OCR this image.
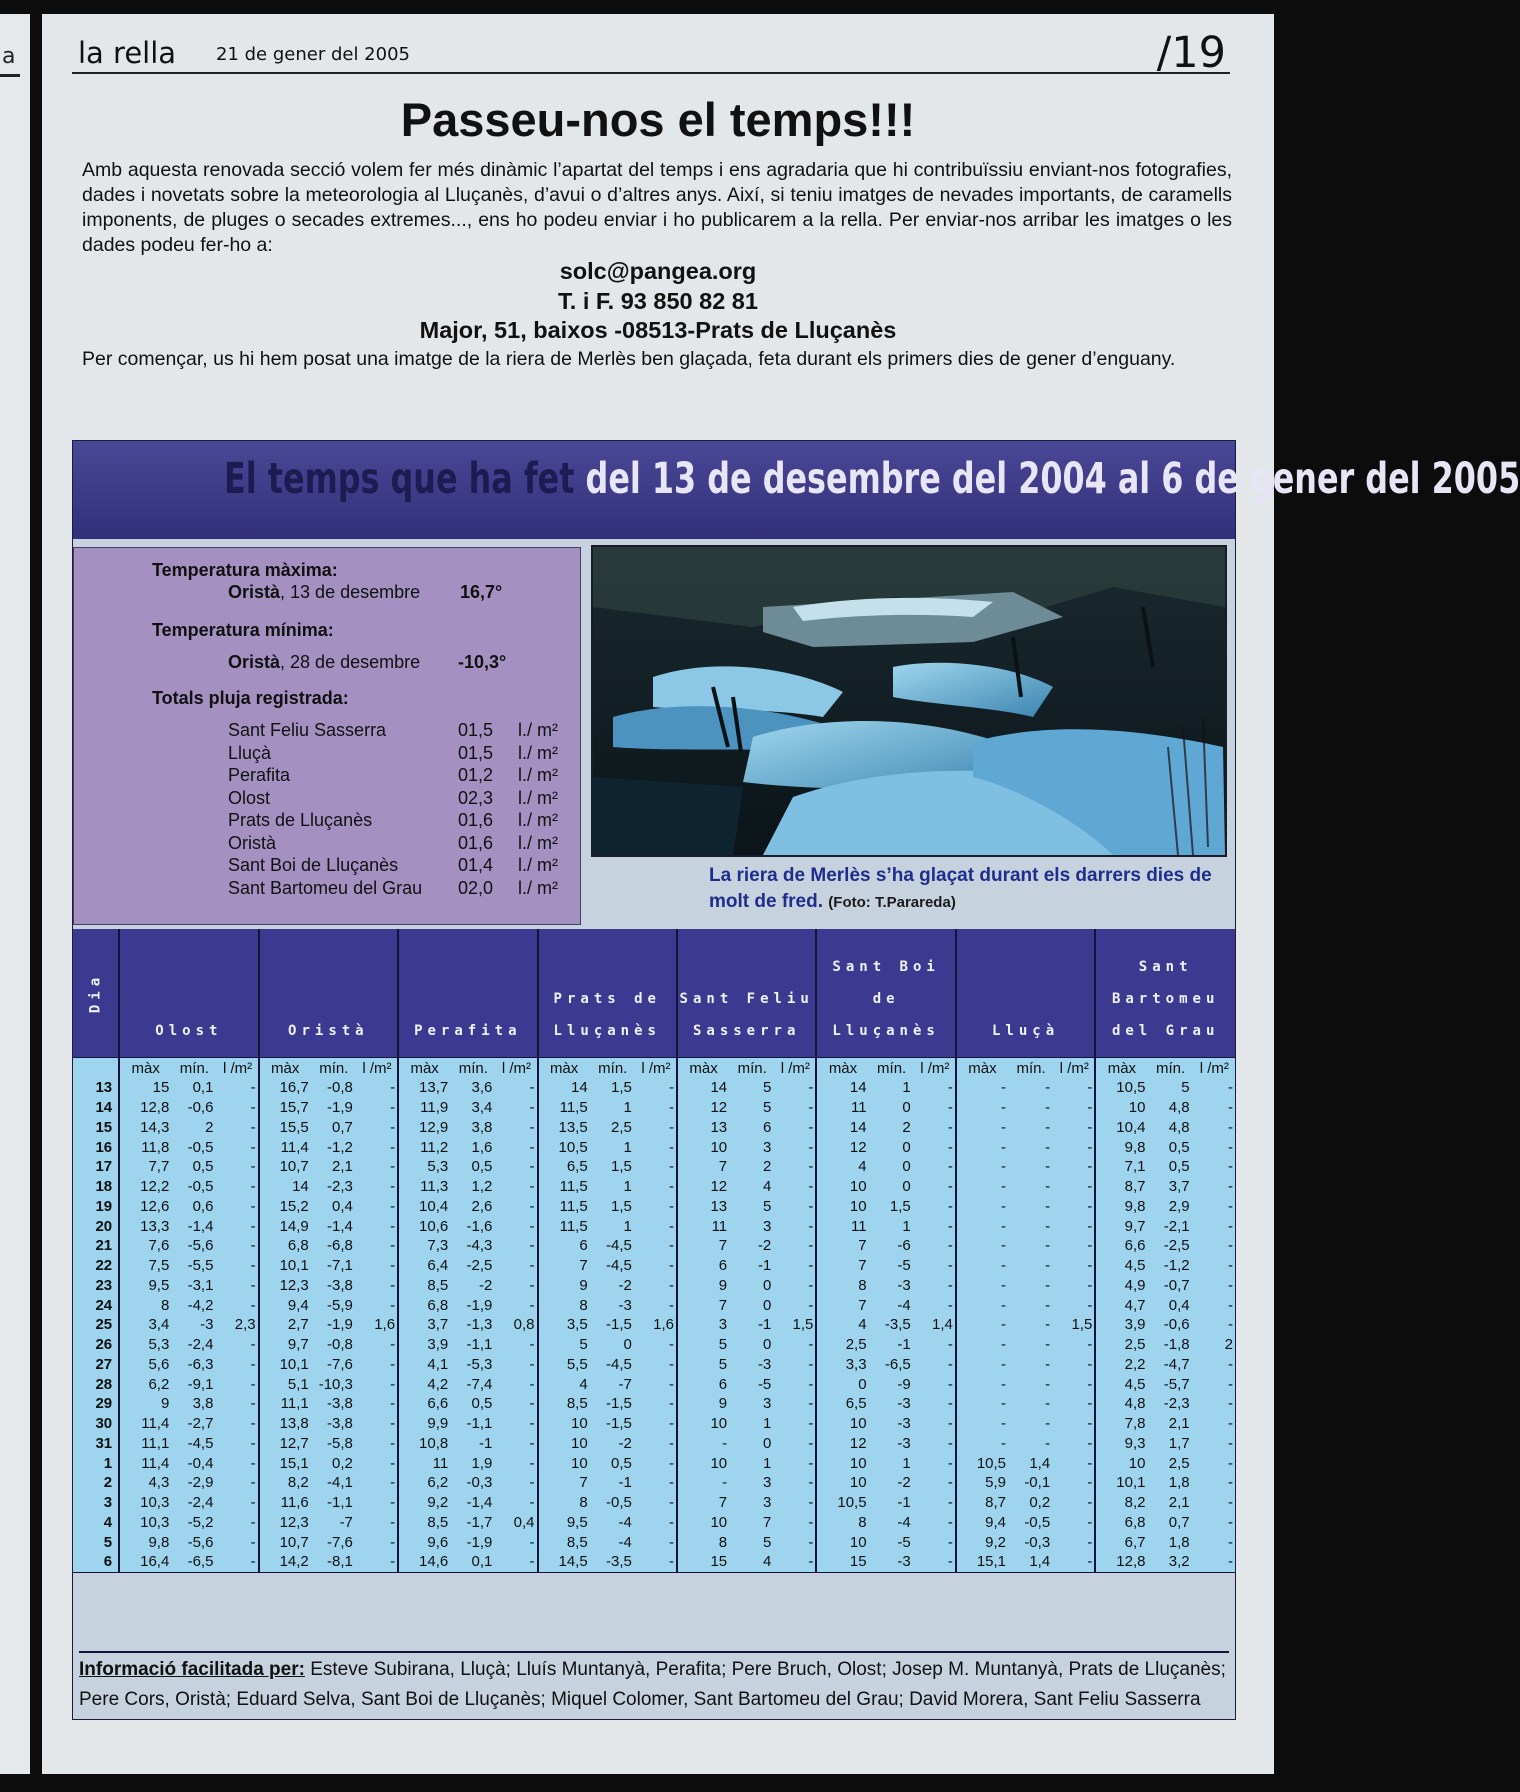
a la rella 21 de gener del 2005	/19
Passeu-nos el temps!!!
Amb aquesta renovada secció volem fer més dinàmic l’apartat del temps i ens agradaria que hi contribuïssiu enviant-nos fotografies, dades i novetats sobre la meteorologia al Lluçanès, d’avui o d’altres anys. Així, si teniu imatges de nevades importants, de caramells imponents, de pluges o secades extremes..., ens ho podeu enviar i ho publicarem a la rella. Per enviar-nos arribar les imatges o les dades podeu fer-ho a:
solc@pangea.org
T. i F. 93 850 82 81
Major, 51, baixos -08513-Prats de Lluçanès
Per començar, us hi hem posat una imatge de la riera de Merlès ben glaçada, feta durant els primers dies de gener d’enguany.
El temps que ha fet del 13 de desembre del 2004 al 6 de gener del 2005
Temperatura màxima:
Oristà, 13 de desembre 16,7°
Temperatura mínima:
Oristà, 28 de desembre -10,3°
Totals pluja registrada:
Sant Feliu Sasserra	01,5 l./ m²
Lluçà	01,5 l./ m²
Perafita	01,2 l./ m²
Olost	02,3 l./ m²
Prats de Lluçanès	01,6 l./ m²
Oristà	01,6 l./ m²
Sant Boi de Lluçanès	01,4 l./ m²
Sant Bartomeu del Grau 02,0 l./ m²
La riera de Merlès s’ha glaçat durant els darrers dies de molt de fred. (Foto: T.Parareda)
Dia	Olost			Oristà			Perafita			Prats de Lluçanès			Sant Feliu Sasserra			Sant Boi de Lluçanès			Lluçà			Sant Bartomeu del Grau		
	màx	mín.	l /m²	màx	mín.	l /m²	màx	mín.	l /m²	màx	mín.	l /m²	màx	mín.	l /m²	màx	mín.	l /m²	màx	mín.	l /m²	màx	mín.	l /m²
13	15	0,1	-	16,7	-0,8	-	13,7	3,6	-	14	1,5	-	14	5	-	14	1	-	-	-	-	10,5	5	-
14	12,8	-0,6	-	15,7	-1,9	-	11,9	3,4	-	11,5	1	-	12	5	-	11	0	-	-	-	-	10	4,8	-
15	14,3	2	-	15,5	0,7	-	12,9	3,8	-	13,5	2,5	-	13	6	-	14	2	-	-	-	-	10,4	4,8	-
16	11,8	-0,5	-	11,4	-1,2	-	11,2	1,6	-	10,5	1	-	10	3	-	12	0	-	-	-	-	9,8	0,5	-
17	7,7	0,5	-	10,7	2,1	-	5,3	0,5	-	6,5	1,5	-	7	2	-	4	0	-	-	-	-	7,1	0,5	-
18	12,2	-0,5	-	14	-2,3	-	11,3	1,2	-	11,5	1	-	12	4	-	10	0	-	-	-	-	8,7	3,7	-
19	12,6	0,6	-	15,2	0,4	-	10,4	2,6	-	11,5	1,5	-	13	5	-	10	1,5	-	-	-	-	9,8	2,9	-
20	13,3	-1,4	-	14,9	-1,4	-	10,6	-1,6	-	11,5	1	-	11	3	-	11	1	-	-	-	-	9,7	-2,1	-
21	7,6	-5,6	-	6,8	-6,8	-	7,3	-4,3	-	6	-4,5	-	7	-2	-	7	-6	-	-	-	-	6,6	-2,5	-
22	7,5	-5,5	-	10,1	-7,1	-	6,4	-2,5	-	7	-4,5	-	6	-1	-	7	-5	-	-	-	-	4,5	-1,2	-
23	9,5	-3,1	-	12,3	-3,8	-	8,5	-2	-	9	-2	-	9	0	-	8	-3	-	-	-	-	4,9	-0,7	-
24	8	-4,2	-	9,4	-5,9	-	6,8	-1,9	-	8	-3	-	7	0	-	7	-4	-	-	-	-	4,7	0,4	-
25	3,4	-3	2,3	2,7	-1,9	1,6	3,7	-1,3	0,8	3,5	-1,5	1,6	3	-1	1,5	4	-3,5	1,4	-	-	1,5	3,9	-0,6	-
26	5,3	-2,4	-	9,7	-0,8	-	3,9	-1,1	-	5	0	-	5	0	-	2,5	-1	-	-	-	-	2,5	-1,8	2
27	5,6	-6,3	-	10,1	-7,6	-	4,1	-5,3	-	5,5	-4,5	-	5	-3	-	3,3	-6,5	-	-	-	-	2,2	-4,7	-
28	6,2	-9,1	-	5,1	-10,3	-	4,2	-7,4	-	4	-7	-	6	-5	-	0	-9	-	-	-	-	4,5	-5,7	-
29	9	3,8	-	11,1	-3,8	-	6,6	0,5	-	8,5	-1,5	-	9	3	-	6,5	-3	-	-	-	-	4,8	-2,3	-
30	11,4	-2,7	-	13,8	-3,8	-	9,9	-1,1	-	10	-1,5	-	10	1	-	10	-3	-	-	-	-	7,8	2,1	-
31	11,1	-4,5	-	12,7	-5,8	-	10,8	-1	-	10	-2	-	-	0	-	12	-3	-	-	-	-	9,3	1,7	-
1	11,4	-0,4	-	15,1	0,2	-	11	1,9	-	10	0,5	-	10	1	-	10	1	-	10,5	1,4	-	10	2,5	-
2	4,3	-2,9	-	8,2	-4,1	-	6,2	-0,3	-	7	-1	-	-	3	-	10	-2	-	5,9	-0,1	-	10,1	1,8	-
3	10,3	-2,4	-	11,6	-1,1	-	9,2	-1,4	-	8	-0,5	-	7	3	-	10,5	-1	-	8,7	0,2	-	8,2	2,1	-
4	10,3	-5,2	-	12,3	-7	-	8,5	-1,7	0,4	9,5	-4	-	10	7	-	8	-4	-	9,4	-0,5	-	6,8	0,7	-
5	9,8	-5,6	-	10,7	-7,6	-	9,6	-1,9	-	8,5	-4	-	8	5	-	10	-5	-	9,2	-0,3	-	6,7	1,8	-
6	16,4	-6,5	-	14,2	-8,1	-	14,6	0,1	-	14,5	-3,5	-	15	4	-	15	-3	-	15,1	1,4	-	12,8	3,2	-
Informació facilitada per: Esteve Subirana, Lluçà; Lluís Muntanyà, Perafita; Pere Bruch, Olost; Josep M. Muntanyà, Prats de Lluçanès; Pere Cors, Oristà; Eduard Selva, Sant Boi de Lluçanès; Miquel Colomer, Sant Bartomeu del Grau; David Morera, Sant Feliu Sasserra
